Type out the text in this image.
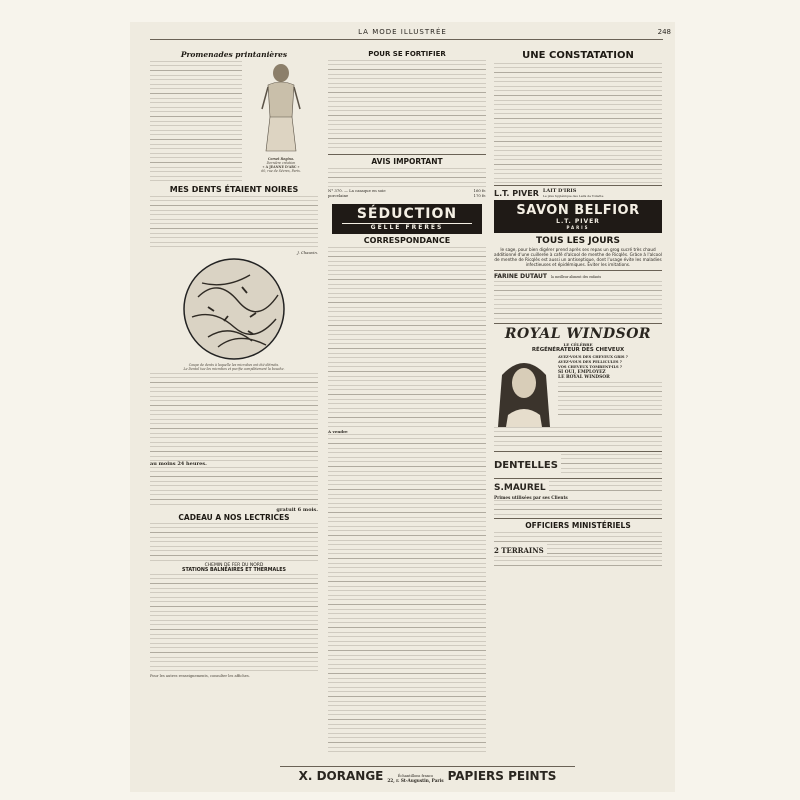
LA MODE ILLUSTRÉE	248
Promenades printanières
Corset Regina.
Dernière création
« A JEANNE D'ARC »
60, rue de Sévres, Paris.
MES DENTS ÉTAIENT NOIRES
J. Chauvin.
Coupe de dents à laquelle les microbes ont été détruits.
Le Dentol tue les microbes et purifie complètement la bouche.
au moins 24 heures.
gratuit 6 mois.
CADEAU A NOS LECTRICES
CHEMIN DE FER DU NORD
STATIONS BALNÉAIRES ET THERMALES
Pour les autres renseignements, consulter les affiches.
POUR SE FORTIFIER
AVIS IMPORTANT
N° 370. — La casaque en soie	160 fr.
porcelaine	170 fr.
SÉDUCTION
GELLE FRÈRES
CORRESPONDANCE
A vendre
UNE CONSTATATION
L.T. PIVER LAIT D'IRIS
Le plus hygiénique des Laits de Toilette
SAVON BELFIOR
L.T. PIVER
PARIS
TOUS LES JOURS
le sage, pour bien digérer prend après ses repas un grog sucré très chaud additionné d'une cuillerée à café d'alcool de menthe de Ricqlès. Grâce à l'alcool de menthe de Ricqlès est aussi un antiseptique, dont l'usage évite les maladies infectieuses et épidémiques. Éviter les imitations.
FARINE DUTAUT la meilleur aliment des enfants
ROYAL WINDSOR
LE CÉLÈBRE
RÉGÉNÉRATEUR DES CHEVEUX
AVEZ-VOUS DES CHEVEUX GRIS ?
AVEZ-VOUS DES PELLICULES ?
VOS CHEVEUX TOMBENT-ILS ?
SI OUI, EMPLOYEZ
LE ROYAL WINDSOR
DENTELLES
S.MAUREL
Primes utilisées par ses Clients
OFFICIERS MINISTÉRIELS
2 TERRAINS
X. DORANGE	Échantillons franco
22, r. St-Augustin, Paris PAPIERS PEINTS
